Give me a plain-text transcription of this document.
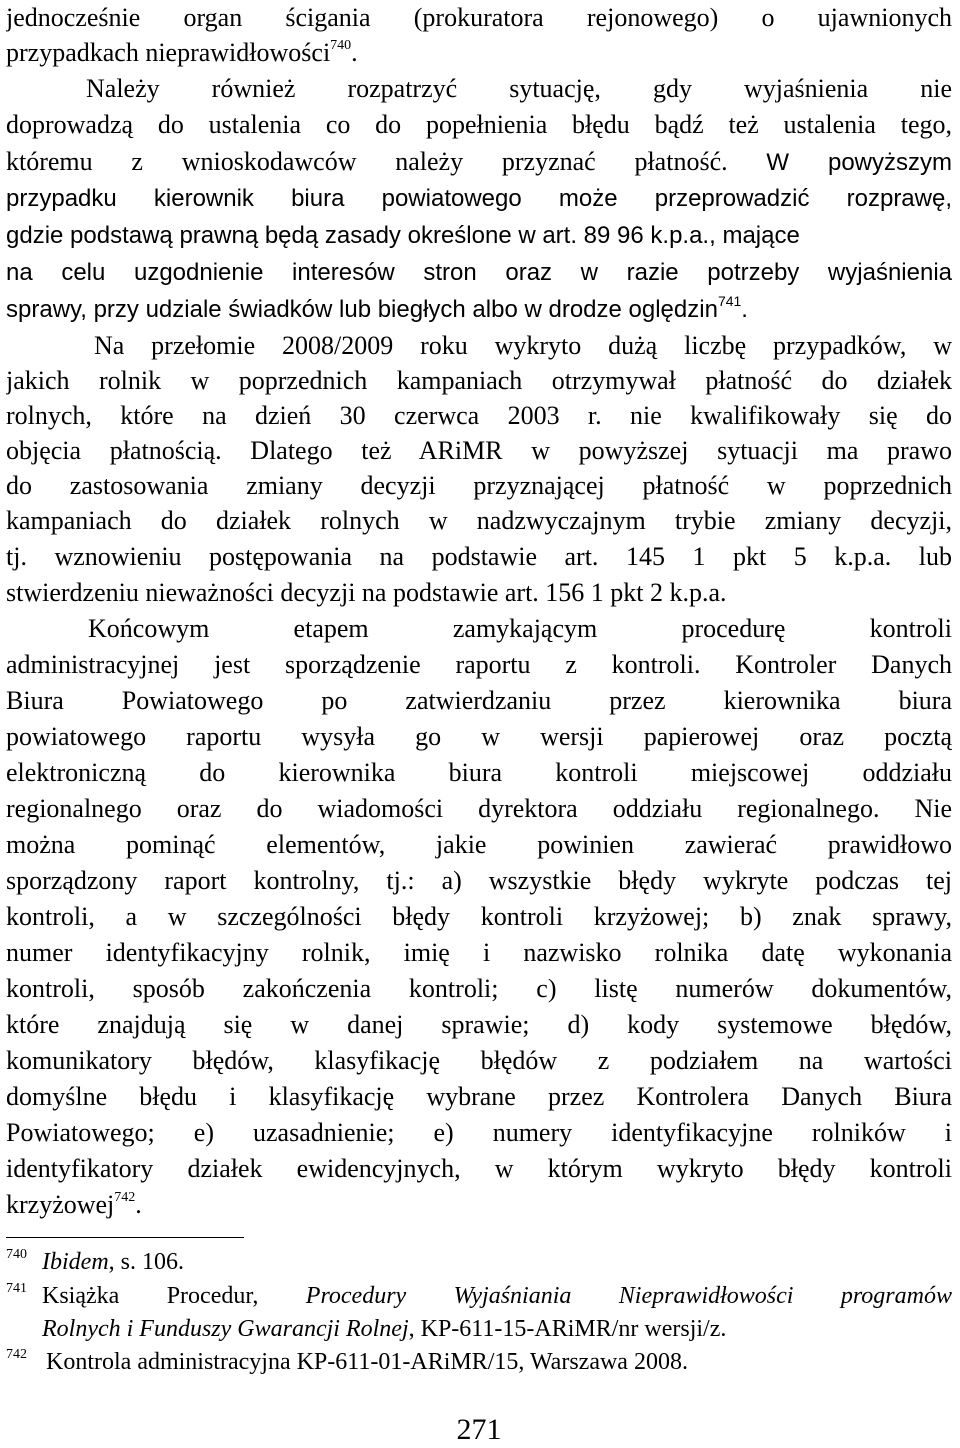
jednocześnie organ ścigania (prokuratora rejonowego) o ujawnionych
przypadkach nieprawidłowości$^{740}$.
Należy również rozpatrzyć sytuację, gdy wyjaśnienia nie
doprowadzą do ustalenia co do popełnienia błędu bądź też ustalenia tego,
któremu z wnioskodawców należy przyznać płatność. W powyższym
przypadku kierownik biura powiatowego może przeprowadzić rozprawę,
gdzie podstawą prawną będą zasady określone w art. 89 96 k.p.a., mające
na celu uzgodnienie interesów stron oraz w razie potrzeby wyjaśnienia
sprawy, przy udziale świadków lub biegłych albo w drodze oględzin$^{741}$.
Na przełomie 2008/2009 roku wykryto dużą liczbę przypadków, w
jakich rolnik w poprzednich kampaniach otrzymywał płatność do działek
rolnych, które na dzień 30 czerwca 2003 r. nie kwalifikowały się do
objęcia płatnością. Dlatego też ARiMR w powyższej sytuacji ma prawo
do zastosowania zmiany decyzji przyznającej płatność w poprzednich
kampaniach do działek rolnych w nadzwyczajnym trybie zmiany decyzji,
tj. wznowieniu postępowania na podstawie art. 145 1 pkt 5 k.p.a. lub
stwierdzeniu nieważności decyzji na podstawie art. 156 1 pkt 2 k.p.a.
Końcowym etapem zamykającym procedurę kontroli
administracyjnej jest sporządzenie raportu z kontroli. Kontroler Danych
Biura Powiatowego po zatwierdzaniu przez kierownika biura
powiatowego raportu wysyła go w wersji papierowej oraz pocztą
elektroniczną do kierownika biura kontroli miejscowej oddziału
regionalnego oraz do wiadomości dyrektora oddziału regionalnego. Nie
można pominąć elementów, jakie powinien zawierać prawidłowo
sporządzony raport kontrolny, tj.: a) wszystkie błędy wykryte podczas tej
kontroli, a w szczególności błędy kontroli krzyżowej; b) znak sprawy,
numer identyfikacyjny rolnik, imię i nazwisko rolnika datę wykonania
kontroli, sposób zakończenia kontroli; c) listę numerów dokumentów,
które znajdują się w danej sprawie; d) kody systemowe błędów,
komunikatory błędów, klasyfikację błędów z podziałem na wartości
domyślne błędu i klasyfikację wybrane przez Kontrolera Danych Biura
Powiatowego; e) uzasadnienie; e) numery identyfikacyjne rolników i
identyfikatory działek ewidencyjnych, w którym wykryto błędy kontroli
krzyżowej$^{742}$.
740 Ibidem, s. 106.
741 Książka Procedur, Procedury Wyjaśniania Nieprawidłowości programów
Rolnych i Funduszy Gwarancji Rolnej, KP-611-15-ARiMR/nr wersji/z.
742 Kontrola administracyjna KP-611-01-ARiMR/15, Warszawa 2008.
271
